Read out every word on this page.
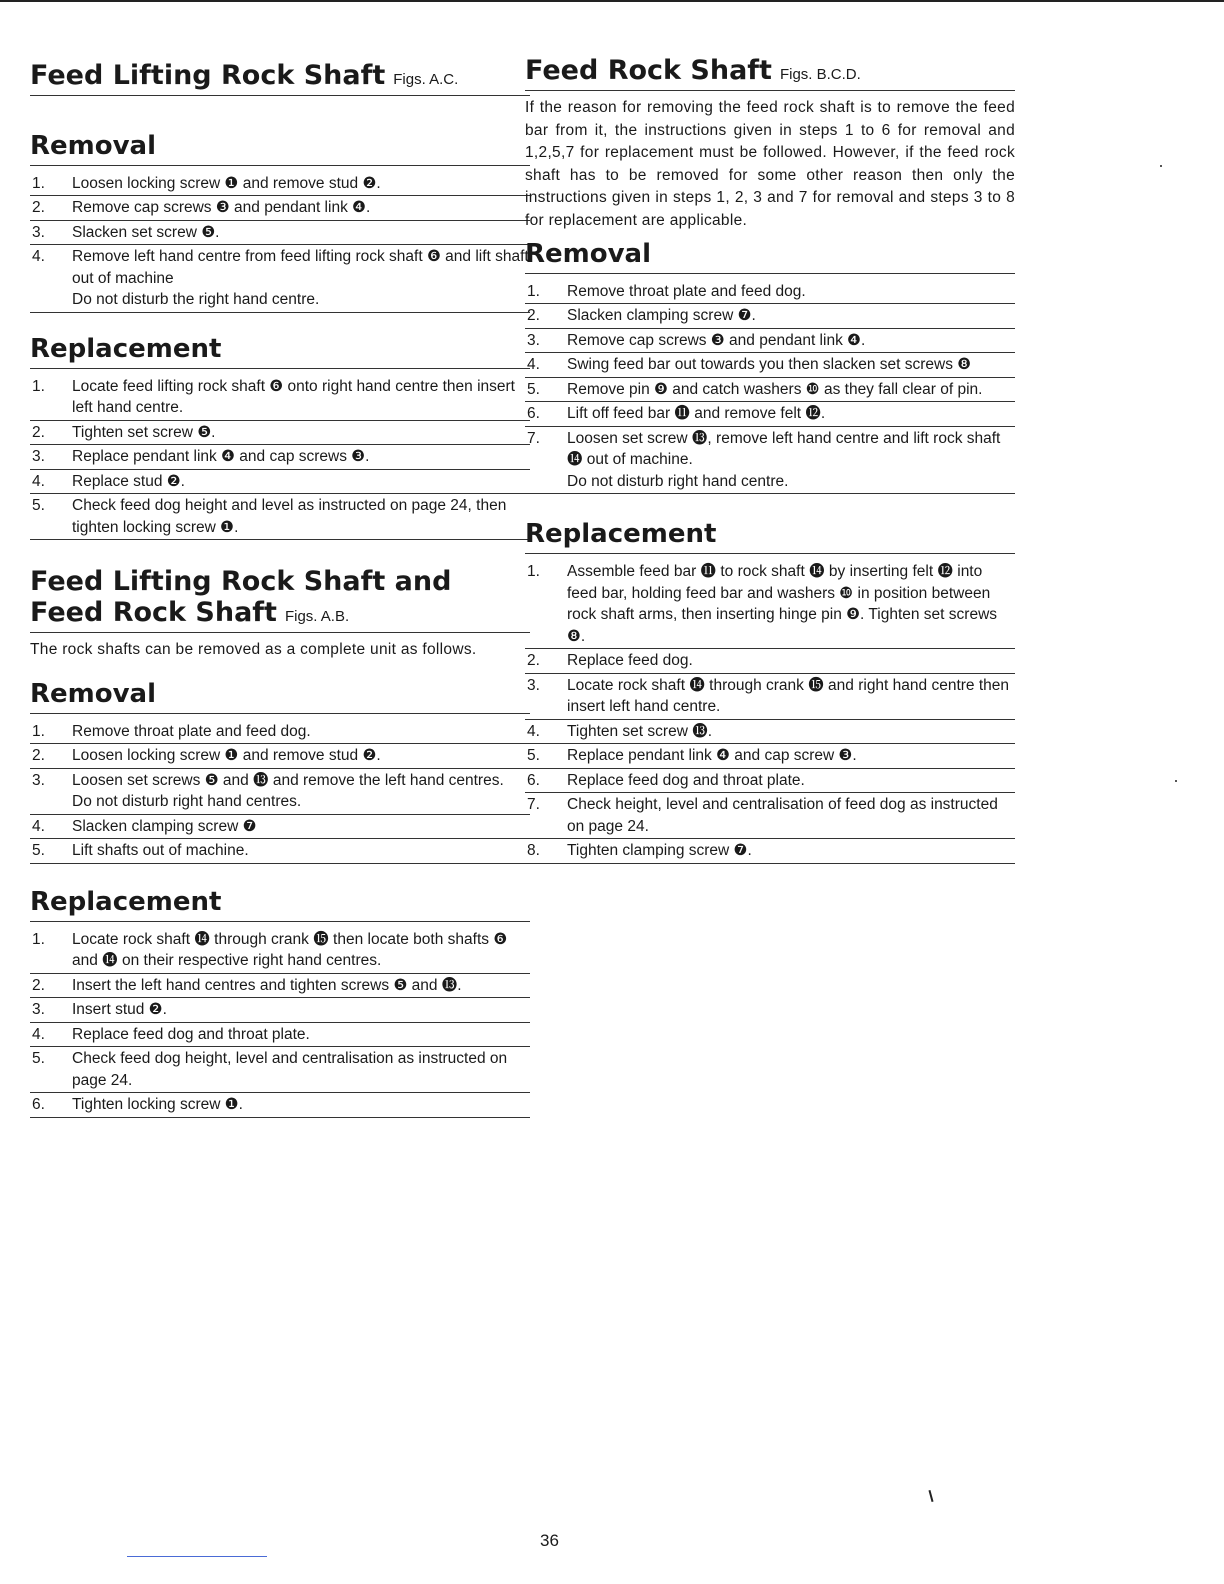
Feed Lifting Rock Shaft Figs. A.C.
Removal
1. Loosen locking screw ❶ and remove stud ❷.
2. Remove cap screws ❸ and pendant link ❹.
3. Slacken set screw ❺.
4. Remove left hand centre from feed lifting rock shaft ❻ and lift shaft out of machine
Do not disturb the right hand centre.
Replacement
1. Locate feed lifting rock shaft ❻ onto right hand centre then insert left hand centre.
2. Tighten set screw ❺.
3. Replace pendant link ❹ and cap screws ❸.
4. Replace stud ❷.
5. Check feed dog height and level as instructed on page 24, then tighten locking screw ❶.
Feed Lifting Rock Shaft and
Feed Rock Shaft Figs. A.B.

The rock shafts can be removed as a complete unit as follows.

Removal
1. Remove throat plate and feed dog.
2. Loosen locking screw ❶ and remove stud ❷.
3. Loosen set screws ❺ and ⓭ and remove the left hand centres.
Do not disturb right hand centres.
4. Slacken clamping screw ❼
5. Lift shafts out of machine.
Replacement
1. Locate rock shaft ⓮ through crank ⓯ then locate both shafts ❻ and ⓮ on their respective right hand centres.
2. Insert the left hand centres and tighten screws ❺ and ⓭.
3. Insert stud ❷.
4. Replace feed dog and throat plate.
5. Check feed dog height, level and centralisation as instructed on page 24.
6. Tighten locking screw ❶.
Feed Rock Shaft Figs. B.C.D.

If the reason for removing the feed rock shaft is to remove the feed bar from it, the instructions given in steps 1 to 6 for removal and 1,2,5,7 for replacement must be followed. However, if the feed rock shaft has to be removed for some other reason then only the instructions given in steps 1, 2, 3 and 7 for removal and steps 3 to 8 for replacement are applicable.

Removal
1. Remove throat plate and feed dog.
2. Slacken clamping screw ❼.
3. Remove cap screws ❸ and pendant link ❹.
4. Swing feed bar out towards you then slacken set screws ❽
5. Remove pin ❾ and catch washers ❿ as they fall clear of pin.
6. Lift off feed bar ⓫ and remove felt ⓬.
7. Loosen set screw ⓭, remove left hand centre and lift rock shaft ⓮ out of machine.
Do not disturb right hand centre.
Replacement
1. Assemble feed bar ⓫ to rock shaft ⓮ by inserting felt ⓬ into feed bar, holding feed bar and washers ❿ in position between rock shaft arms, then inserting hinge pin ❾. Tighten set screws ❽.
2. Replace feed dog.
3. Locate rock shaft ⓮ through crank ⓯ and right hand centre then insert left hand centre.
4. Tighten set screw ⓭.
5. Replace pendant link ❹ and cap screw ❸.
6. Replace feed dog and throat plate.
7. Check height, level and centralisation of feed dog as instructed on page 24.
8. Tighten clamping screw ❼.
36
